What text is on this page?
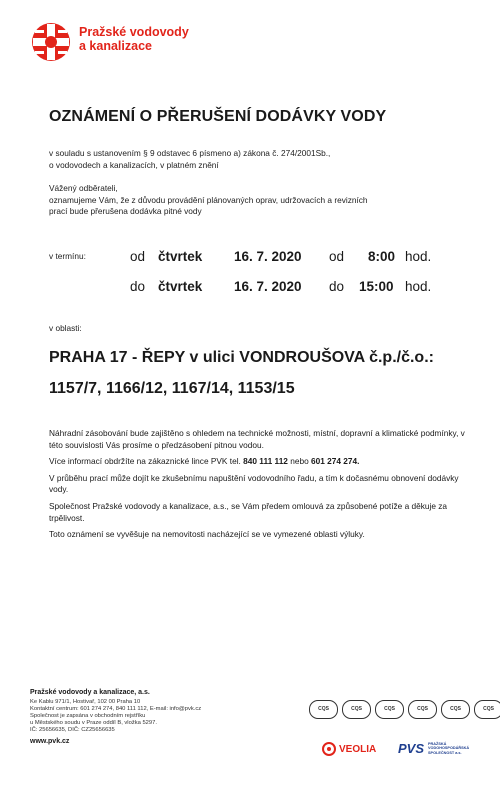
Pražské vodovody
a kanalizace
OZNÁMENÍ O PŘERUŠENÍ DODÁVKY VODY
v souladu s ustanovením § 9 odstavec 6 písmeno a) zákona č. 274/2001Sb.,
o vodovodech a kanalizacích, v platném znění
Vážený odběrateli,
oznamujeme Vám, že z důvodu provádění plánovaných oprav, udržovacích a revizních
prací bude přerušena dodávka pitné vody
v termínu:	od čtvrtek 16. 7. 2020 od 8:00 hod.
do čtvrtek 16. 7. 2020 do 15:00 hod.
v oblasti:
PRAHA 17 - ŘEPY v ulici VONDROUŠOVA č.p./č.o.:
1157/7, 1166/12, 1167/14, 1153/15

Náhradní zásobování bude zajištěno s ohledem na technické možnosti, místní, dopravní a klimatické podmínky, v této souvislosti Vás prosíme o předzásobení pitnou vodou.

Více informací obdržíte na zákaznické lince PVK tel. 840 111 112 nebo 601 274 274.

V průběhu prací může dojít ke zkušebnímu napuštění vodovodního řadu, a tím k dočasnému obnovení dodávky vody.

Společnost Pražské vodovody a kanalizace, a.s., se Vám předem omlouvá za způsobené potíže a děkuje za trpělivost.

Toto oznámení se vyvěšuje na nemovitosti nacházející se ve vymezené oblasti výluky.

Pražské vodovody a kanalizace, a.s.
Ke Kablu 971/1, Hostivař, 102 00 Praha 10
Kontaktní centrum: 601 274 274, 840 111 112, E-mail: info@pvk.cz
Společnost je zapsána v obchodním rejstříku
u Městského soudu v Praze oddíl B, vložka 5297.
IČ: 25656635, DIČ: CZ25656635
www.pvk.cz
CQS	CQS	CQS	CQS	CQS	CQS
VEOLIA PVS PRAŽSKÁ VODOHOSPODÁŘSKÁ SPOLEČNOST a.s.
